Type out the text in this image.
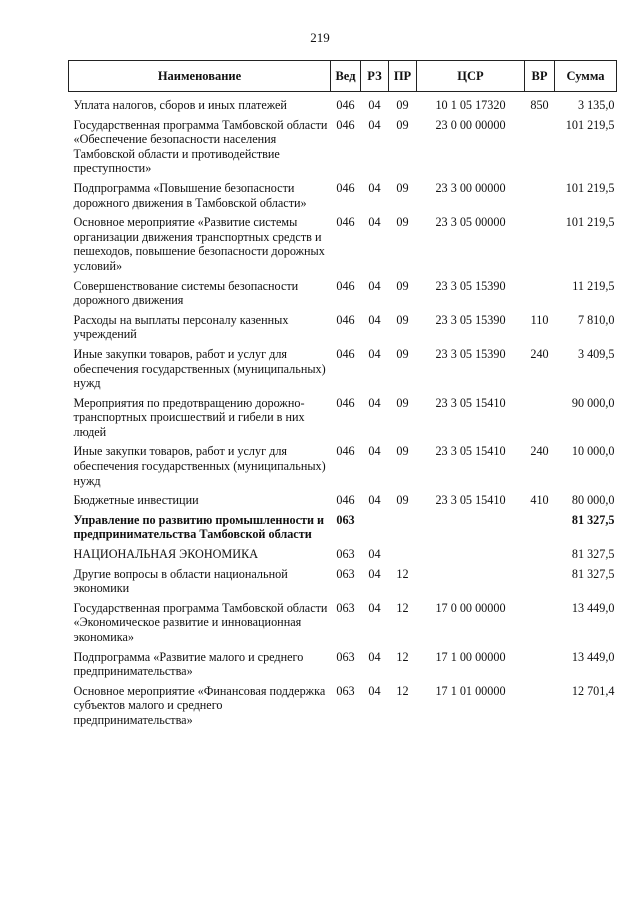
219
Наименование	Вед	РЗ	ПР	ЦСР	ВР	Сумма
Уплата налогов, сборов и иных платежей	046	04	09	10 1 05 17320	850	3 135,0
Государственная программа Тамбовской области «Обеспечение безопасности населения Тамбовской области и противодействие преступности»	046	04	09	23 0 00 00000		101 219,5
Подпрограмма «Повышение безопасности дорожного движения в Тамбовской области»	046	04	09	23 3 00 00000		101 219,5
Основное мероприятие «Развитие системы организации движения транспортных средств и пешеходов, повышение безопасности дорожных условий»	046	04	09	23 3 05 00000		101 219,5
Совершенствование системы безопасности дорожного движения	046	04	09	23 3 05 15390		11 219,5
Расходы на выплаты персоналу казенных учреждений	046	04	09	23 3 05 15390	110	7 810,0
Иные закупки товаров, работ и услуг для обеспечения государственных (муниципальных) нужд	046	04	09	23 3 05 15390	240	3 409,5
Мероприятия по предотвращению дорожно-транспортных происшествий и гибели в них людей	046	04	09	23 3 05 15410		90 000,0
Иные закупки товаров, работ и услуг для обеспечения государственных (муниципальных) нужд	046	04	09	23 3 05 15410	240	10 000,0
Бюджетные инвестиции	046	04	09	23 3 05 15410	410	80 000,0
Управление по развитию промышленности и предпринимательства Тамбовской области	063					81 327,5
НАЦИОНАЛЬНАЯ ЭКОНОМИКА	063	04				81 327,5
Другие вопросы в области национальной экономики	063	04	12			81 327,5
Государственная программа Тамбовской области «Экономическое развитие и инновационная экономика»	063	04	12	17 0 00 00000		13 449,0
Подпрограмма «Развитие малого и среднего предпринимательства»	063	04	12	17 1 00 00000		13 449,0
Основное мероприятие «Финансовая поддержка субъектов малого и среднего предпринимательства»	063	04	12	17 1 01 00000		12 701,4
